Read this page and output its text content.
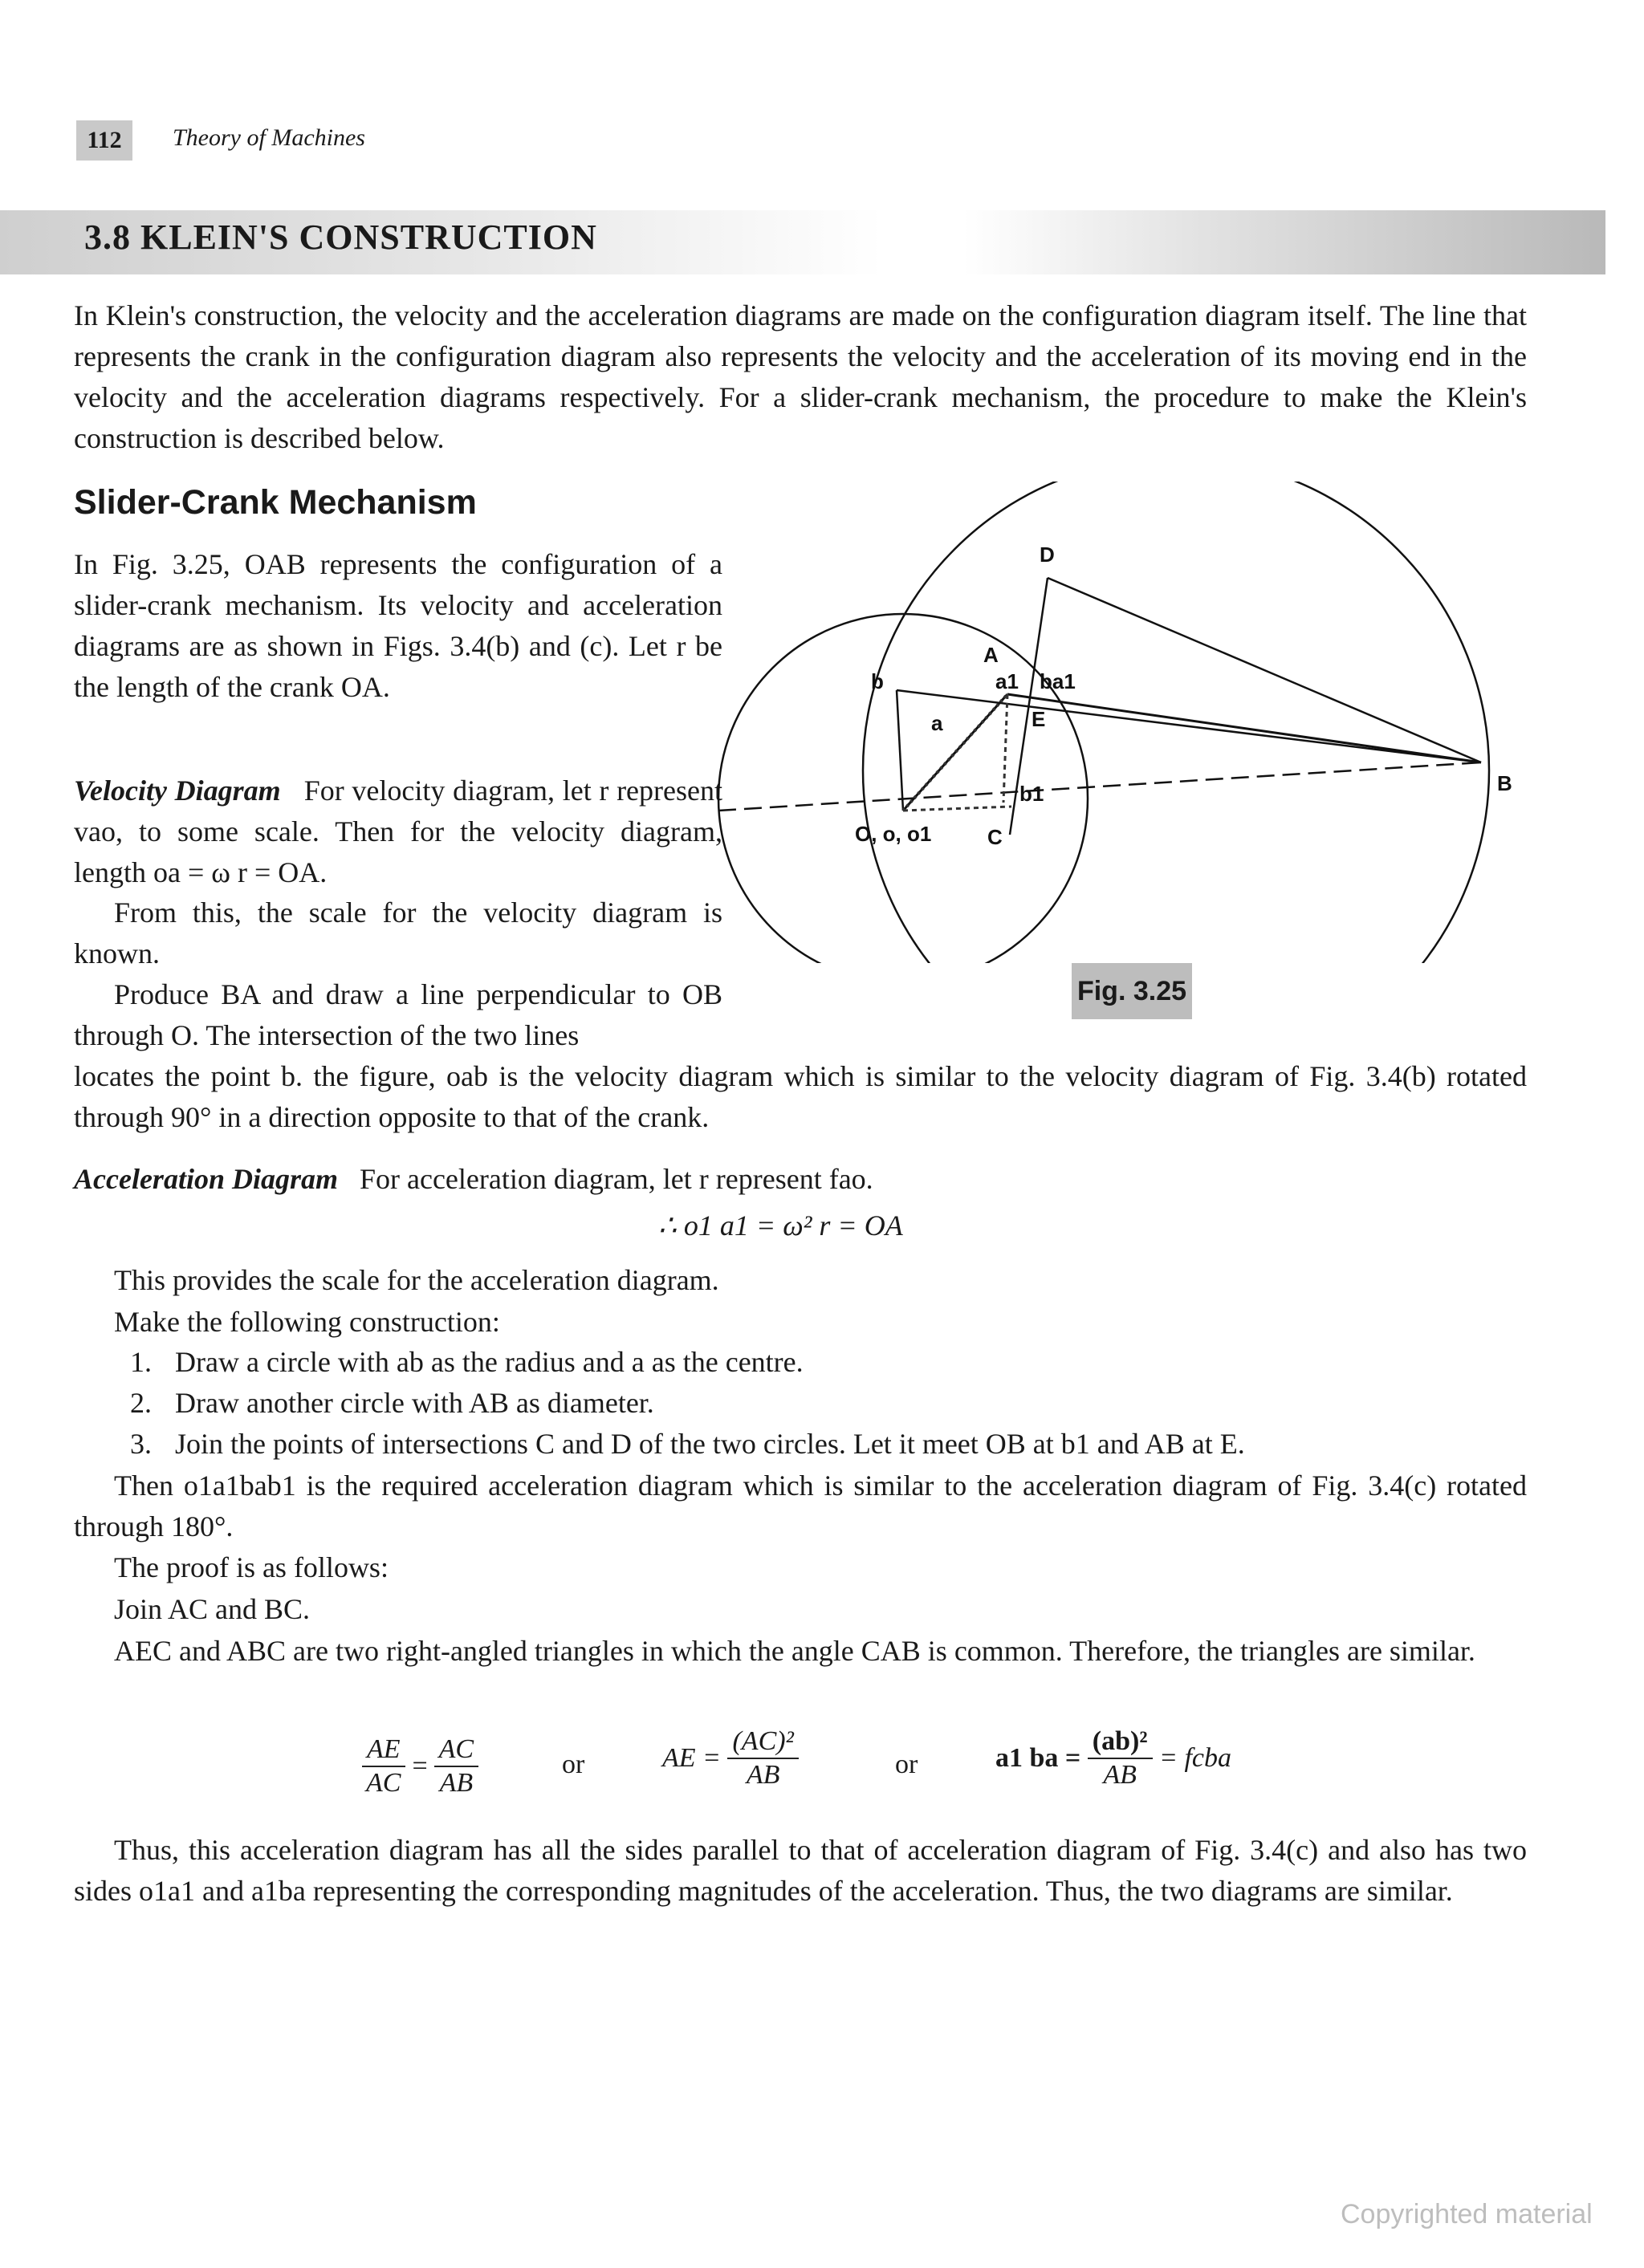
112 Theory of Machines
3.8 KLEIN'S CONSTRUCTION

In Klein's construction, the velocity and the acceleration diagrams are made on the configuration diagram itself. The line that represents the crank in the configuration diagram also represents the velocity and the acceleration of its moving end in the velocity and the acceleration diagrams respectively. For a slider-crank mechanism, the procedure to make the Klein's construction is described below.

Slider-Crank Mechanism

In Fig. 3.25, OAB represents the configuration of a slider-crank mechanism. Its velocity and acceleration diagrams are as shown in Figs. 3.4(b) and (c). Let r be the length of the crank OA.

Velocity Diagram For velocity diagram, let r represent vao, to some scale. Then for the velocity diagram, length oa = ω r = OA.

From this, the scale for the velocity diagram is known.

Produce BA and draw a line perpendicular to OB through O. The intersection of the two lines

locates the point b. the figure, oab is the velocity diagram which is similar to the velocity diagram of Fig. 3.4(b) rotated through 90° in a direction opposite to that of the crank.

Acceleration Diagram For acceleration diagram, let r represent fao.

∴ o1 a1 = ω² r = OA

This provides the scale for the acceleration diagram.

Make the following construction:

1. Draw a circle with ab as the radius and a as the centre.
2. Draw another circle with AB as diameter.
3. Join the points of intersections C and D of the two circles. Let it meet OB at b1 and AB at E.

Then o1a1bab1 is the required acceleration diagram which is similar to the acceleration diagram of Fig. 3.4(c) rotated through 180°.

The proof is as follows:

Join AC and BC.

AEC and ABC are two right-angled triangles in which the angle CAB is common. Therefore, the triangles are similar.

$\frac{AE}{AC} = \frac{AC}{AB}$	or	AE =
$\frac{\text{(AC)²}}{AB}$	or	a1 ba =
$\frac{\text{(ab)²}}{AB}$
= fcba

Thus, this acceleration diagram has all the sides parallel to that of acceleration diagram of Fig. 3.4(c) and also has two sides o1a1 and a1ba representing the corresponding magnitudes of the acceleration. Thus, the two diagrams are similar.

D
A
a1 ba1
b
a	E
B
b1
O, o, o1	C
Fig. 3.25
Copyrighted material
